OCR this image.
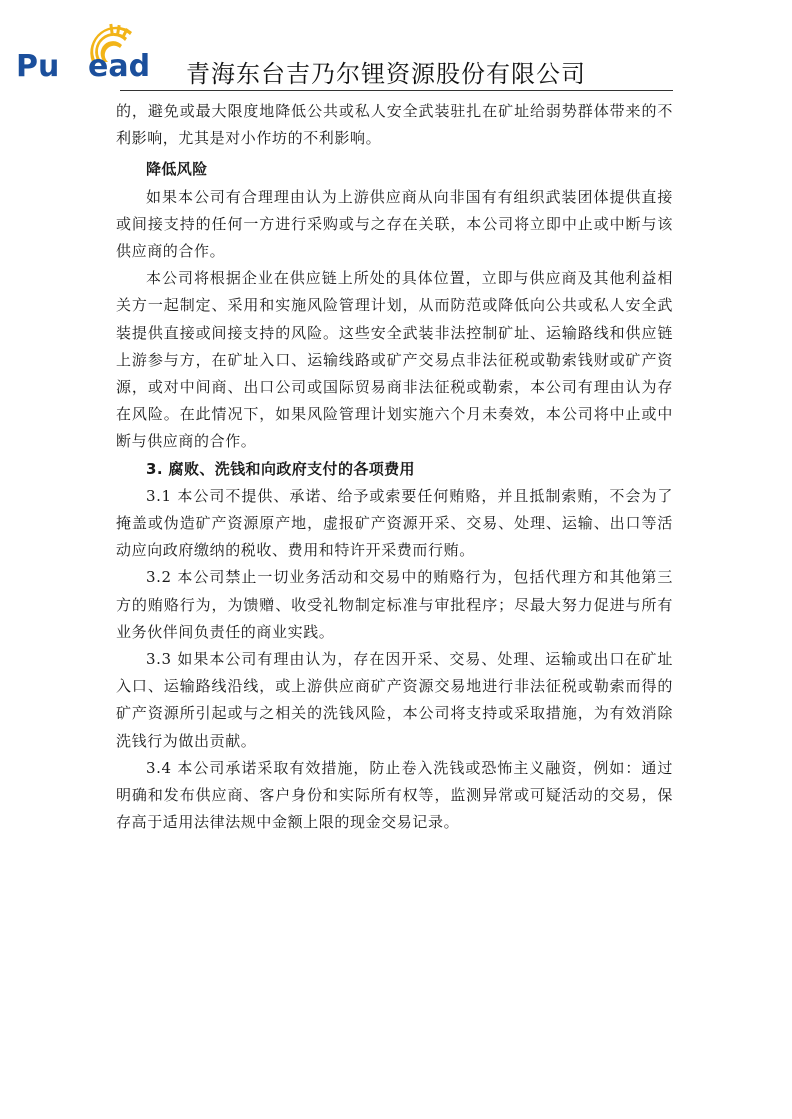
Pu ead 青海东台吉乃尔锂资源股份有限公司

的，避免或最大限度地降低公共或私人安全武装驻扎在矿址给弱势群体带来的不利影响，尤其是对小作坊的不利影响。

降低风险

如果本公司有合理理由认为上游供应商从向非国有有组织武装团体提供直接或间接支持的任何一方进行采购或与之存在关联，本公司将立即中止或中断与该供应商的合作。

本公司将根据企业在供应链上所处的具体位置，立即与供应商及其他利益相关方一起制定、采用和实施风险管理计划，从而防范或降低向公共或私人安全武装提供直接或间接支持的风险。这些安全武装非法控制矿址、运输路线和供应链上游参与方，在矿址入口、运输线路或矿产交易点非法征税或勒索钱财或矿产资源，或对中间商、出口公司或国际贸易商非法征税或勒索，本公司有理由认为存在风险。在此情况下，如果风险管理计划实施六个月未奏效，本公司将中止或中断与供应商的合作。

3. 腐败、洗钱和向政府支付的各项费用

3.1 本公司不提供、承诺、给予或索要任何贿赂，并且抵制索贿，不会为了掩盖或伪造矿产资源原产地，虚报矿产资源开采、交易、处理、运输、出口等活动应向政府缴纳的税收、费用和特许开采费而行贿。

3.2 本公司禁止一切业务活动和交易中的贿赂行为，包括代理方和其他第三方的贿赂行为，为馈赠、收受礼物制定标准与审批程序；尽最大努力促进与所有业务伙伴间负责任的商业实践。

3.3 如果本公司有理由认为，存在因开采、交易、处理、运输或出口在矿址入口、运输路线沿线，或上游供应商矿产资源交易地进行非法征税或勒索而得的矿产资源所引起或与之相关的洗钱风险，本公司将支持或采取措施，为有效消除洗钱行为做出贡献。

3.4 本公司承诺采取有效措施，防止卷入洗钱或恐怖主义融资，例如：通过明确和发布供应商、客户身份和实际所有权等，监测异常或可疑活动的交易，保存高于适用法律法规中金额上限的现金交易记录。
